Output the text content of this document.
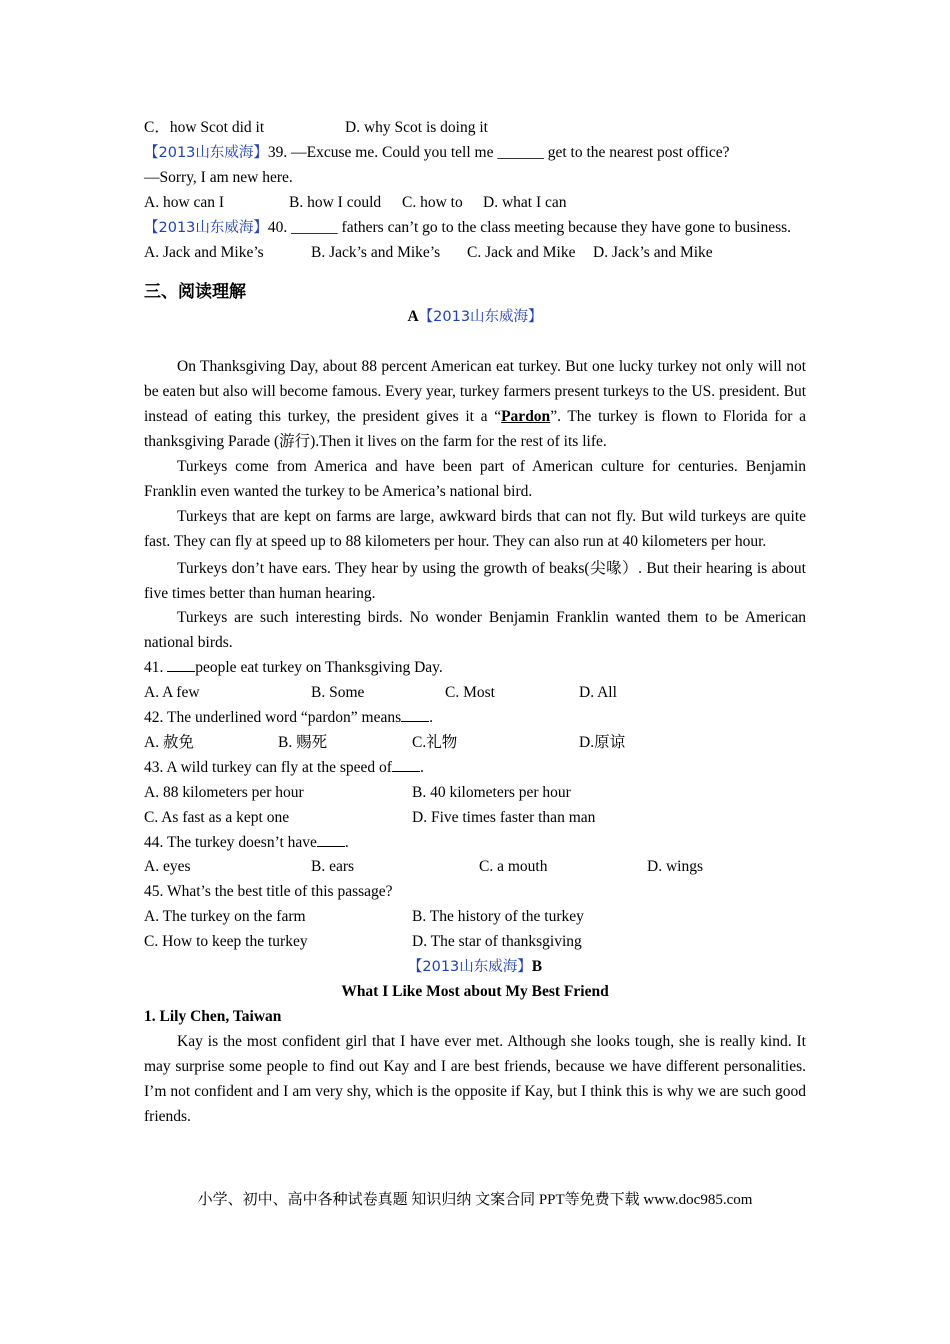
C．how Scot did it	D. why Scot is doing it
【2013山东威海】39. —Excuse me. Could you tell me ______ get to the nearest post office?
—Sorry, I am new here.
A. how can I	B. how I could C. how to D. what I can
【2013山东威海】40. ______ fathers can’t go to the class meeting because they have gone to business.
A. Jack and Mike’s	B. Jack’s and Mike’s C. Jack and Mike D. Jack’s and Mike
三、阅读理解
A【2013山东威海】

On Thanksgiving Day, about 88 percent American eat turkey. But one lucky turkey not only will not be eaten but also will become famous. Every year, turkey farmers present turkeys to the US. president. But instead of eating this turkey, the president gives it a “Pardon”. The turkey is flown to Florida for a thanksgiving Parade (游行).Then it lives on the farm for the rest of its life.

Turkeys come from America and have been part of American culture for centuries. Benjamin Franklin even wanted the turkey to be America’s national bird.

Turkeys that are kept on farms are large, awkward birds that can not fly. But wild turkeys are quite fast. They can fly at speed up to 88 kilometers per hour. They can also run at 40 kilometers per hour.

Turkeys don’t have ears. They hear by using the growth of beaks(尖喙）. But their hearing is about five times better than human hearing.

Turkeys are such interesting birds. No wonder Benjamin Franklin wanted them to be American national birds.

41. people eat turkey on Thanksgiving Day.
A. A few	B. Some	C. Most	D. All
42. The underlined word “pardon” means .
A. 赦免	B. 赐死	C.礼物	D.原谅
43. A wild turkey can fly at the speed of .
A. 88 kilometers per hour	B. 40 kilometers per hour
C. As fast as a kept one	D. Five times faster than man
44. The turkey doesn’t have .
A. eyes	B. ears	C. a mouth	D. wings
45. What’s the best title of this passage?
A. The turkey on the farm	B. The history of the turkey
C. How to keep the turkey	D. The star of thanksgiving
【2013山东威海】B
What I Like Most about My Best Friend
1. Lily Chen, Taiwan

Kay is the most confident girl that I have ever met. Although she looks tough, she is really kind. It may surprise some people to find out Kay and I are best friends, because we have different personalities. I’m not confident and I am very shy, which is the opposite if Kay, but I think this is why we are such good friends.

小学、初中、高中各种试卷真题 知识归纳 文案合同 PPT等免费下载 www.doc985.com
